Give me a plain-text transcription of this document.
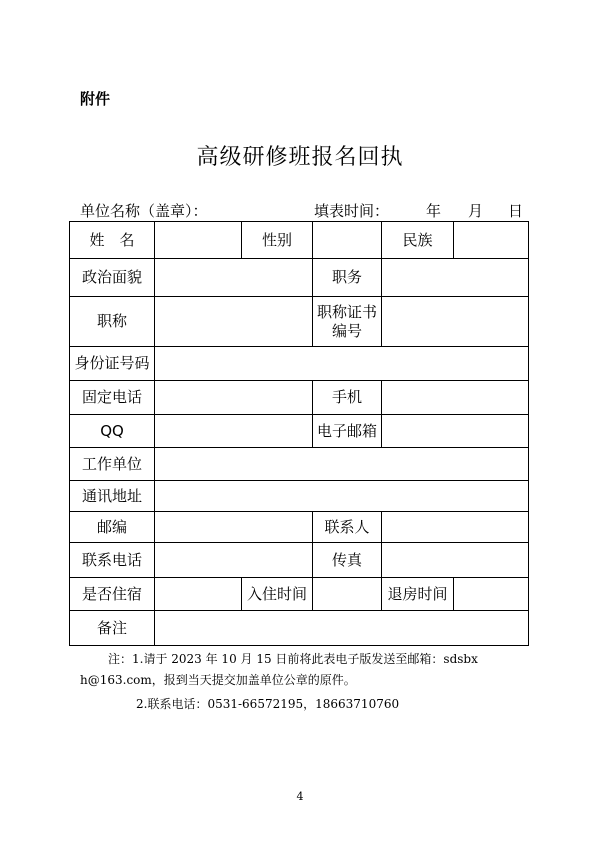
附件
高级研修班报名回执
单位名称（盖章）：	填表时间： 年 月 日
姓　名		性别		民族	
政治面貌			职务		
职称			职称证书
编号		
身份证号码					
固定电话			手机		
QQ			电子邮箱		
工作单位					
通讯地址					
邮编			联系人		
联系电话			传真		
是否住宿		入住时间		退房时间	
备注					
注：1.请于 2023 年 10 月 15 日前将此表电子版发送至邮箱：sdsbx
h@163.com，报到当天提交加盖单位公章的原件。
2.联系电话：0531-66572195，18663710760
4
